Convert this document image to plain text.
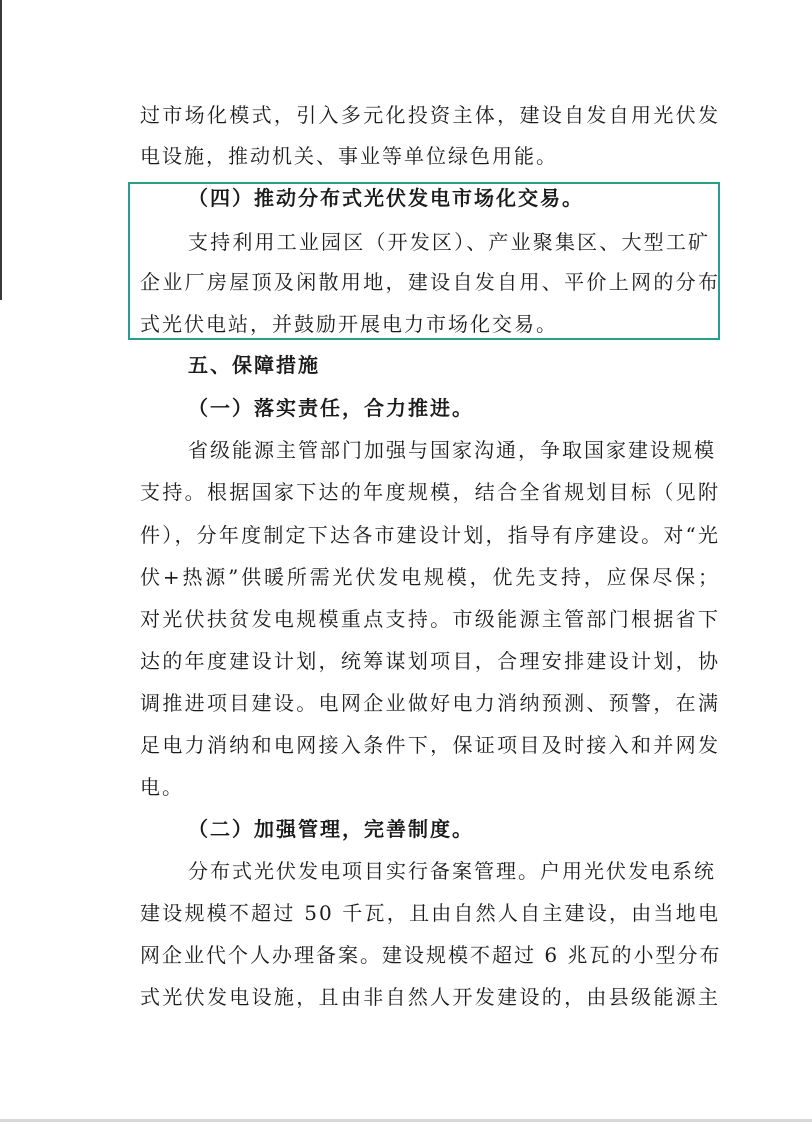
过市场化模式，引入多元化投资主体，建设自发自用光伏发
电设施，推动机关、事业等单位绿色用能。
（四）推动分布式光伏发电市场化交易。
支持利用工业园区（开发区）、产业聚集区、大型工矿
企业厂房屋顶及闲散用地，建设自发自用、平价上网的分布
式光伏电站，并鼓励开展电力市场化交易。
五、保障措施
（一）落实责任，合力推进。
省级能源主管部门加强与国家沟通，争取国家建设规模
支持。根据国家下达的年度规模，结合全省规划目标（见附
件），分年度制定下达各市建设计划，指导有序建设。对“光
伏+热源”供暖所需光伏发电规模，优先支持，应保尽保；
对光伏扶贫发电规模重点支持。市级能源主管部门根据省下
达的年度建设计划，统筹谋划项目，合理安排建设计划，协
调推进项目建设。电网企业做好电力消纳预测、预警，在满
足电力消纳和电网接入条件下，保证项目及时接入和并网发
电。
（二）加强管理，完善制度。
分布式光伏发电项目实行备案管理。户用光伏发电系统
建设规模不超过 50 千瓦，且由自然人自主建设，由当地电
网企业代个人办理备案。建设规模不超过 6 兆瓦的小型分布
式光伏发电设施，且由非自然人开发建设的，由县级能源主
